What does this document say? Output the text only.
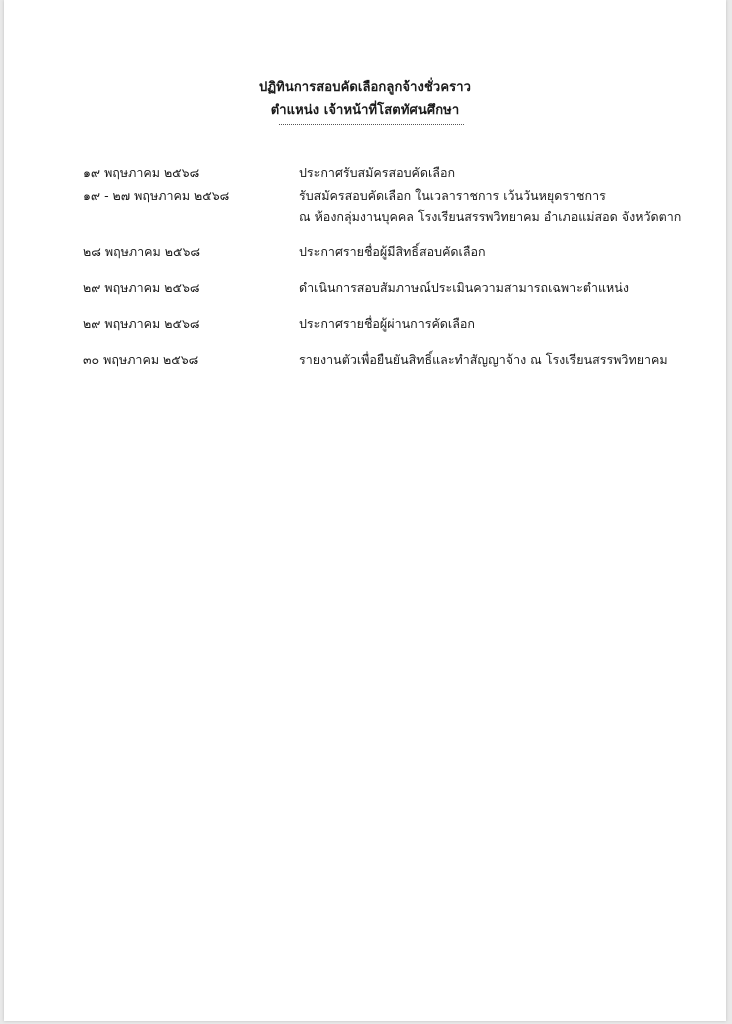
ปฏิทินการสอบคัดเลือกลูกจ้างชั่วคราว
ตำแหน่ง เจ้าหน้าที่โสตทัศนศึกษา
๑๙ พฤษภาคม ๒๕๖๘	ประกาศรับสมัครสอบคัดเลือก
๑๙ - ๒๗ พฤษภาคม ๒๕๖๘	รับสมัครสอบคัดเลือก ในเวลาราชการ เว้นวันหยุดราชการ
ณ ห้องกลุ่มงานบุคคล โรงเรียนสรรพวิทยาคม อำเภอแม่สอด จังหวัดตาก
๒๘ พฤษภาคม ๒๕๖๘	ประกาศรายชื่อผู้มีสิทธิ์สอบคัดเลือก
๒๙ พฤษภาคม ๒๕๖๘	ดำเนินการสอบสัมภาษณ์ประเมินความสามารถเฉพาะตำแหน่ง
๒๙ พฤษภาคม ๒๕๖๘	ประกาศรายชื่อผู้ผ่านการคัดเลือก
๓๐ พฤษภาคม ๒๕๖๘	รายงานตัวเพื่อยืนยันสิทธิ์และทำสัญญาจ้าง ณ โรงเรียนสรรพวิทยาคม
